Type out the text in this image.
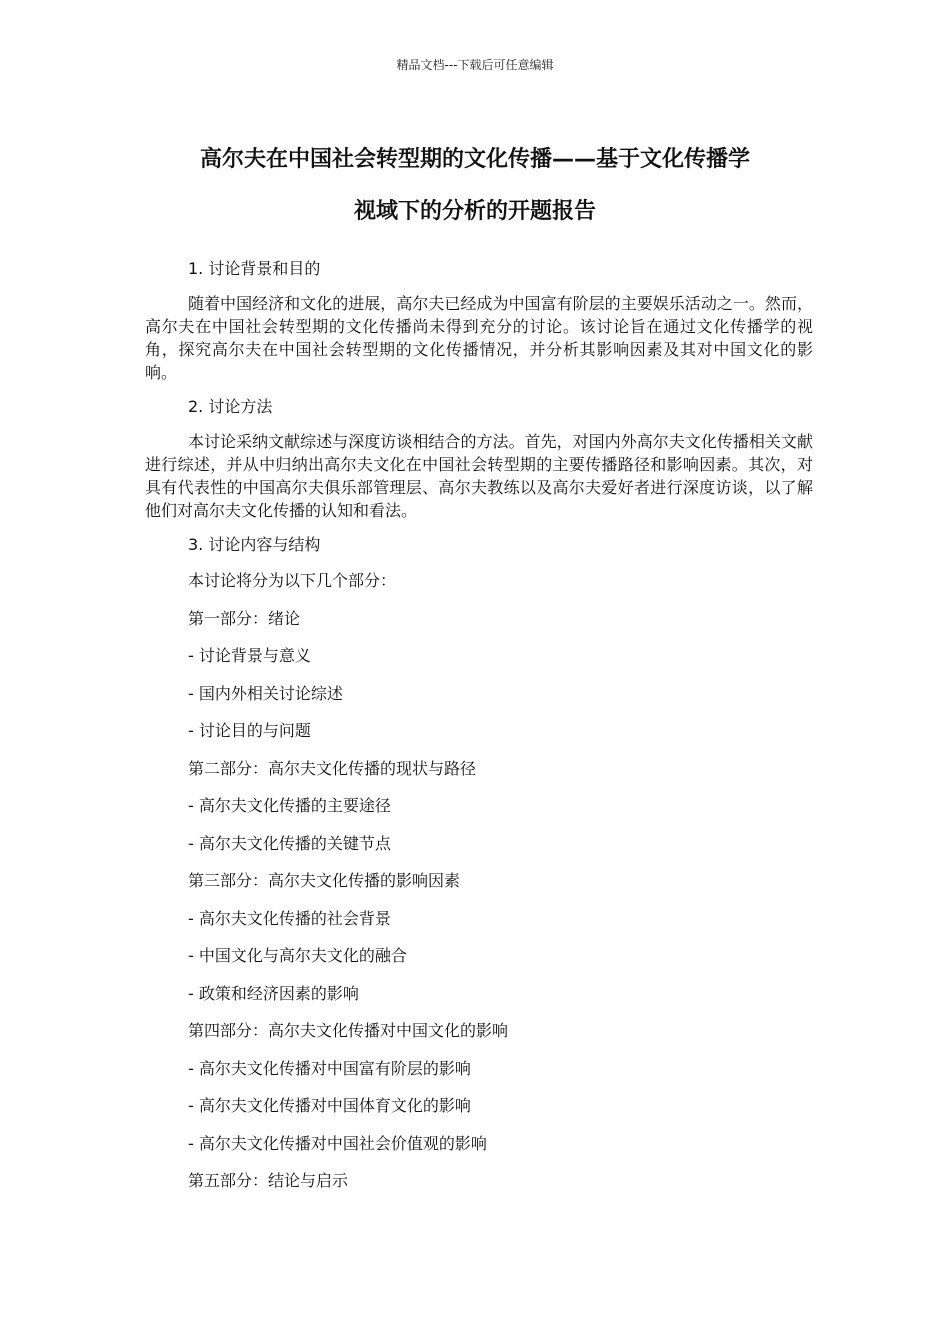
精品文档---下载后可任意编辑
高尔夫在中国社会转型期的文化传播——基于文化传播学
视域下的分析的开题报告

1. 讨论背景和目的

随着中国经济和文化的进展，高尔夫已经成为中国富有阶层的主要娱乐活动之一。然而，高尔夫在中国社会转型期的文化传播尚未得到充分的讨论。该讨论旨在通过文化传播学的视角，探究高尔夫在中国社会转型期的文化传播情况，并分析其影响因素及其对中国文化的影响。

2. 讨论方法

本讨论采纳文献综述与深度访谈相结合的方法。首先，对国内外高尔夫文化传播相关文献进行综述，并从中归纳出高尔夫文化在中国社会转型期的主要传播路径和影响因素。其次，对具有代表性的中国高尔夫俱乐部管理层、高尔夫教练以及高尔夫爱好者进行深度访谈，以了解他们对高尔夫文化传播的认知和看法。

3. 讨论内容与结构

本讨论将分为以下几个部分：

第一部分：绪论

- 讨论背景与意义

- 国内外相关讨论综述

- 讨论目的与问题

第二部分：高尔夫文化传播的现状与路径

- 高尔夫文化传播的主要途径

- 高尔夫文化传播的关键节点

第三部分：高尔夫文化传播的影响因素

- 高尔夫文化传播的社会背景

- 中国文化与高尔夫文化的融合

- 政策和经济因素的影响

第四部分：高尔夫文化传播对中国文化的影响

- 高尔夫文化传播对中国富有阶层的影响

- 高尔夫文化传播对中国体育文化的影响

- 高尔夫文化传播对中国社会价值观的影响

第五部分：结论与启示
